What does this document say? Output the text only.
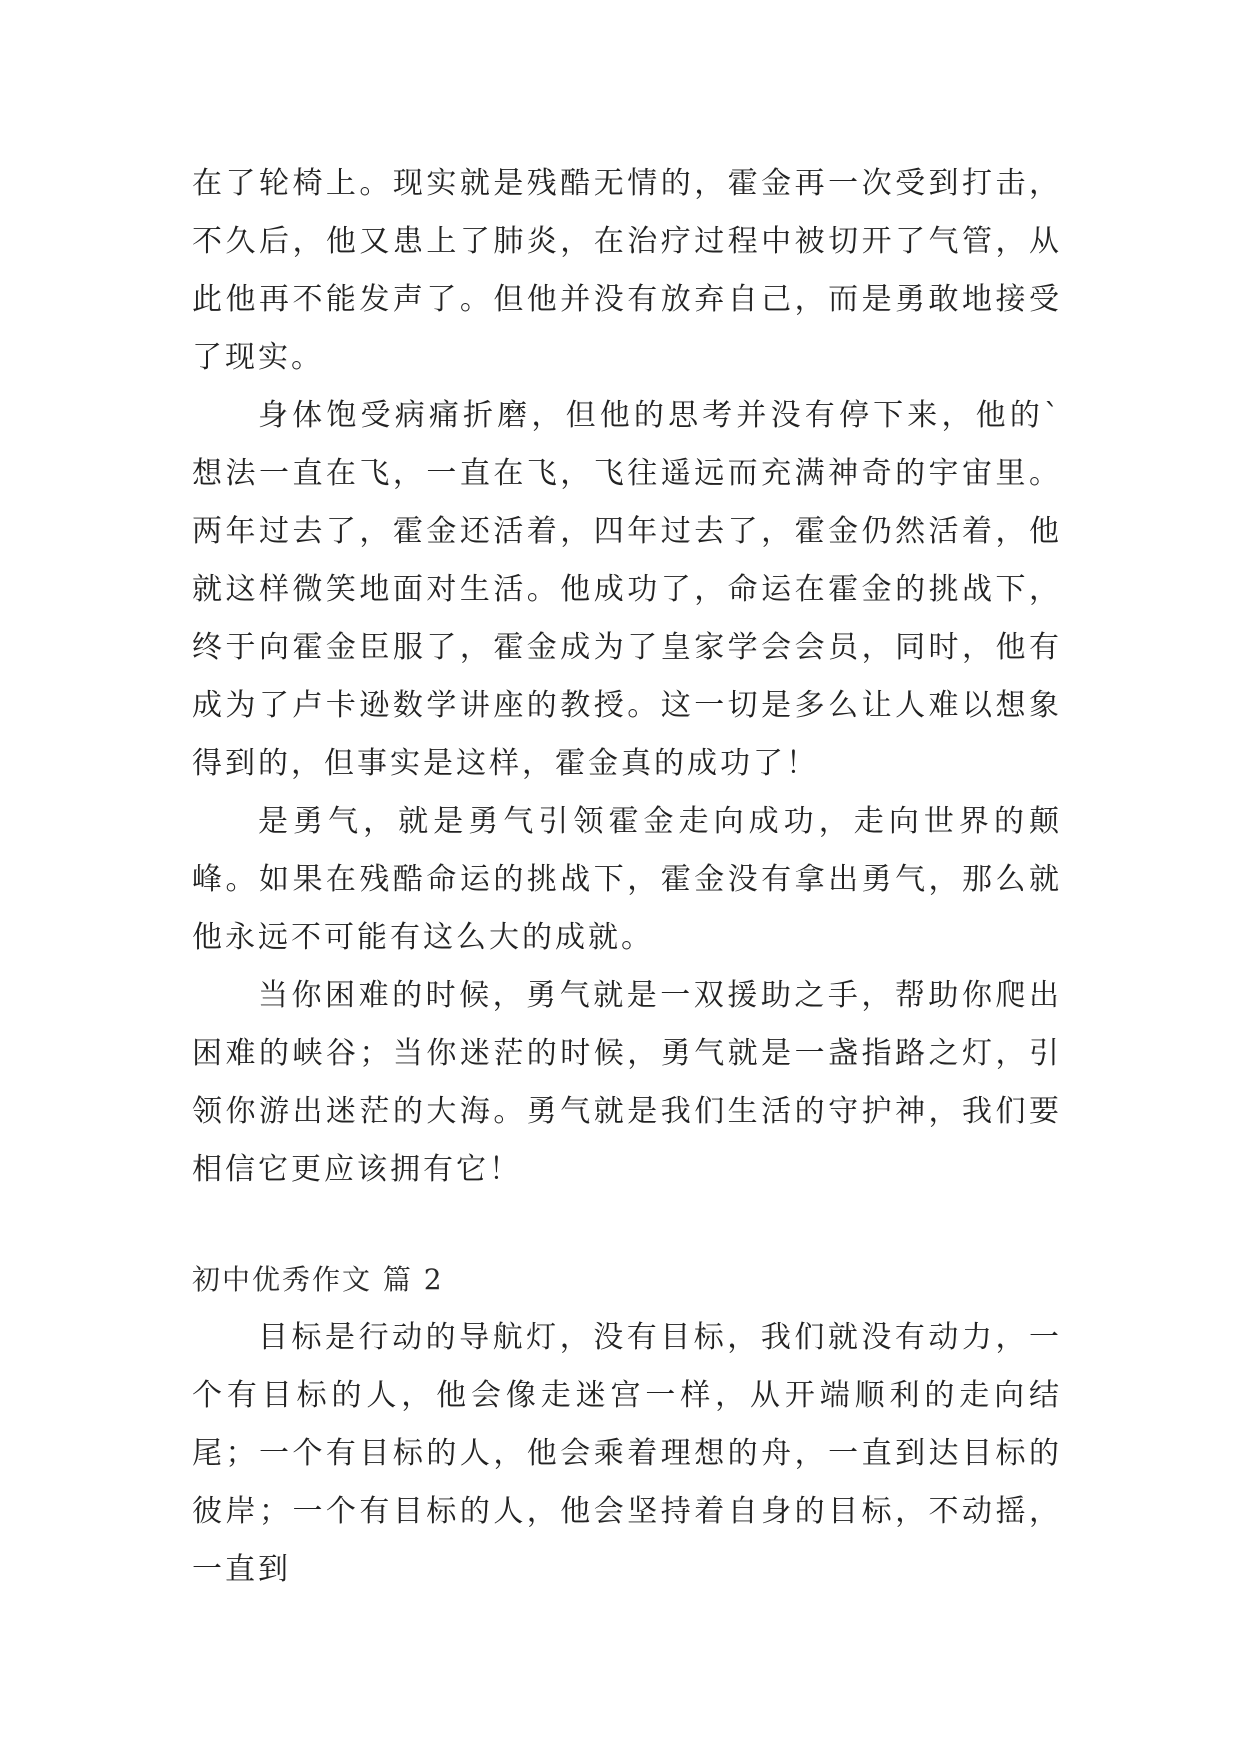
在了轮椅上。现实就是残酷无情的，霍金再一次受到打击，不久后，他又患上了肺炎，在治疗过程中被切开了气管，从此他再不能发声了。但他并没有放弃自己，而是勇敢地接受了现实。

身体饱受病痛折磨，但他的思考并没有停下来，他的`想法一直在飞，一直在飞，飞往遥远而充满神奇的宇宙里。两年过去了，霍金还活着，四年过去了，霍金仍然活着，他就这样微笑地面对生活。他成功了，命运在霍金的挑战下，终于向霍金臣服了，霍金成为了皇家学会会员，同时，他有成为了卢卡逊数学讲座的教授。这一切是多么让人难以想象得到的，但事实是这样，霍金真的成功了！

是勇气，就是勇气引领霍金走向成功，走向世界的颠峰。如果在残酷命运的挑战下，霍金没有拿出勇气，那么就他永远不可能有这么大的成就。

当你困难的时候，勇气就是一双援助之手，帮助你爬出困难的峡谷；当你迷茫的时候，勇气就是一盏指路之灯，引领你游出迷茫的大海。勇气就是我们生活的守护神，我们要相信它更应该拥有它！

初中优秀作文 篇 2

目标是行动的导航灯，没有目标，我们就没有动力，一个有目标的人，他会像走迷宫一样，从开端顺利的走向结尾；一个有目标的人，他会乘着理想的舟，一直到达目标的彼岸；一个有目标的人，他会坚持着自身的目标，不动摇，一直到
